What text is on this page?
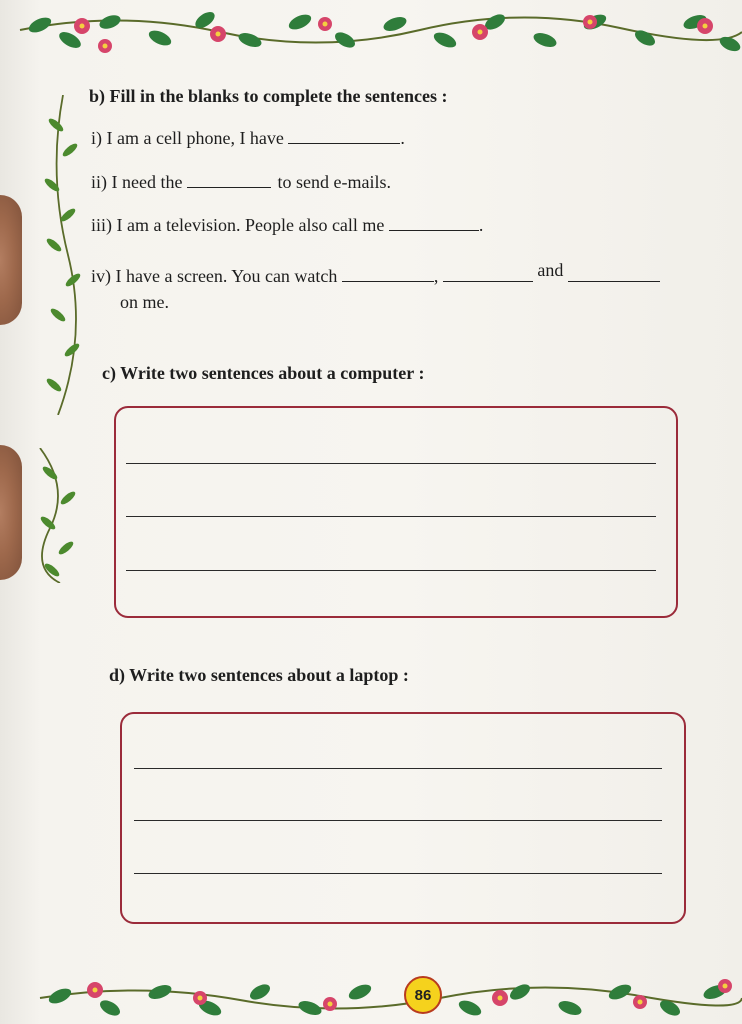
b) Fill in the blanks to complete the sentences :
i) I am a cell phone, I have	.
ii) I need the	to send e-mails.
iii) I am a television. People also call me	.
iv) I have a screen. You can watch	,	and
on me.
c) Write two sentences about a computer :
d) Write two sentences about a laptop :
86
